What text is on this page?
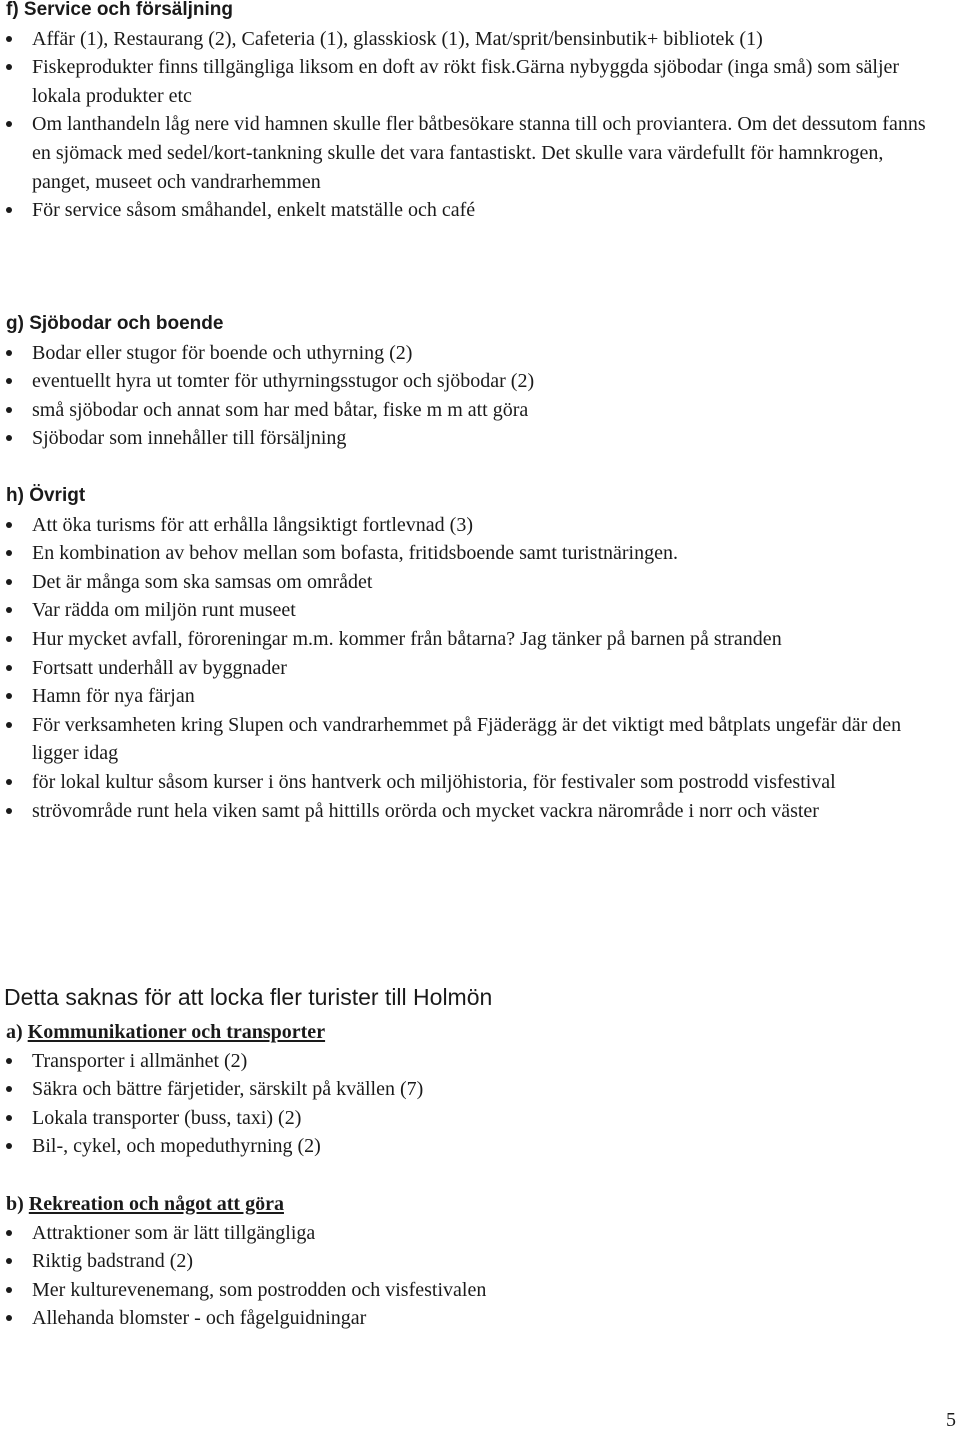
f) Service och försäljning
Affär (1), Restaurang (2), Cafeteria (1), glasskiosk (1), Mat/sprit/bensinbutik+ bibliotek (1)
Fiskeprodukter finns tillgängliga liksom en doft av rökt fisk.Gärna nybyggda sjöbodar (inga små) som säljer lokala produkter etc
Om lanthandeln låg nere vid hamnen skulle fler båtbesökare stanna till och proviantera. Om det dessutom fanns en sjömack med sedel/kort-tankning skulle det vara fantastiskt. Det skulle vara värdefullt för hamnkrogen, panget, museet och vandrarhemmen
För service såsom småhandel, enkelt matställe och café
g) Sjöbodar och boende
Bodar eller stugor för boende och uthyrning (2)
eventuellt hyra ut tomter för uthyrningsstugor och sjöbodar (2)
små sjöbodar och annat som har med båtar, fiske m m att göra
Sjöbodar som innehåller till försäljning
h) Övrigt
Att öka turisms för att erhålla långsiktigt fortlevnad (3)
En kombination av behov mellan som bofasta, fritidsboende samt turistnäringen.
Det är många som ska samsas om området
Var rädda om miljön runt museet
Hur mycket avfall, föroreningar m.m. kommer från båtarna? Jag tänker på barnen på stranden
Fortsatt underhåll av byggnader
Hamn för nya färjan
För verksamheten kring Slupen och vandrarhemmet på Fjäderägg är det viktigt med båtplats ungefär där den ligger idag
för lokal kultur såsom kurser i öns hantverk och miljöhistoria, för festivaler som postrodd visfestival
strövområde runt hela viken samt på hittills orörda och mycket vackra närområde i norr och väster
Detta saknas för att locka fler turister till Holmön
a) Kommunikationer och transporter
Transporter i allmänhet (2)
Säkra och bättre färjetider, särskilt på kvällen (7)
Lokala transporter (buss, taxi) (2)
Bil-, cykel, och mopeduthyrning (2)
b) Rekreation och något att göra
Attraktioner som är lätt tillgängliga
Riktig badstrand (2)
Mer kulturevenemang, som postrodden och visfestivalen
Allehanda blomster - och fågelguidningar
5
